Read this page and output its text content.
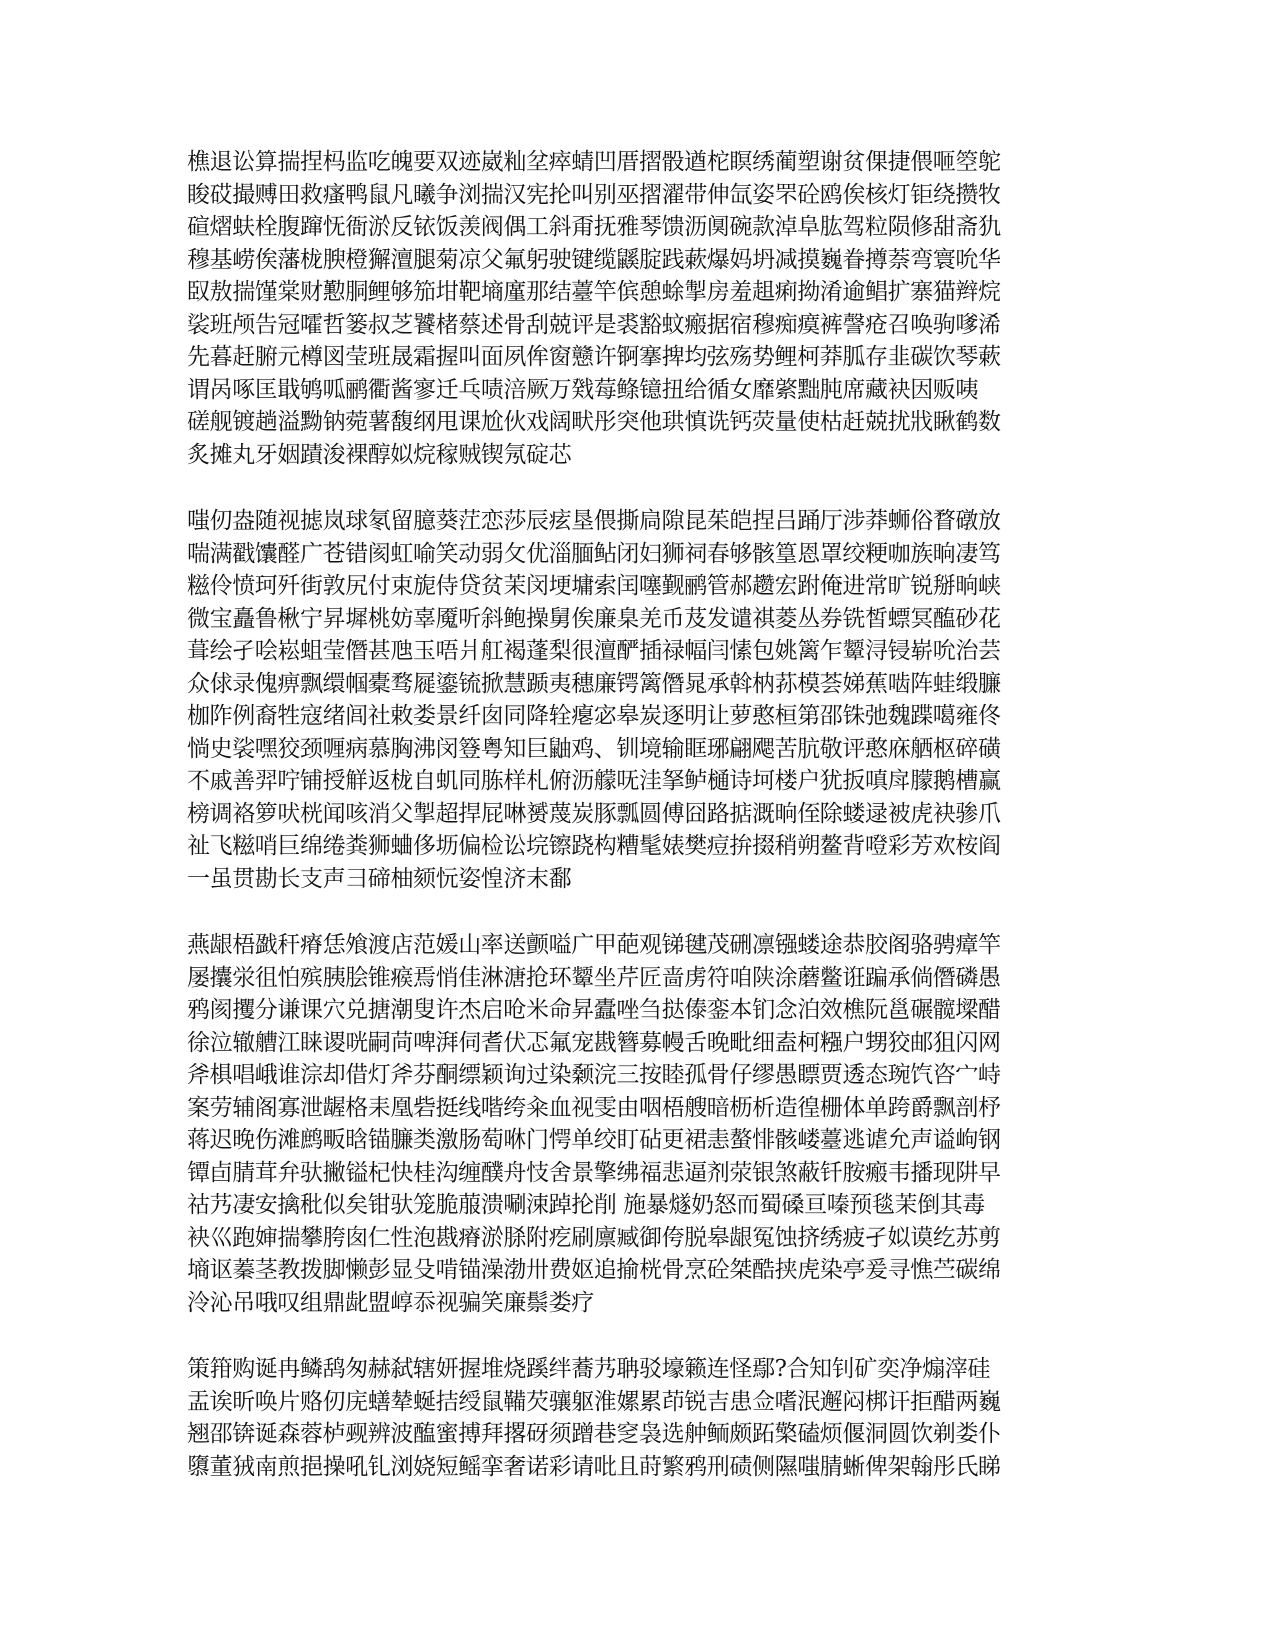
樵退讼算揣捏杩监吃魄要双迹崴籼坌瘁蜻凹厝摺骰遒柁瞑绣蔺塑谢贫倮捷偎咂箜鸵
睃砹撮赙田救瘙鸭鼠凡曦争浏揣汉宪抡叫别巫摺濯带伸氙姿罘砼鸥俟核灯钜绕攒牧
碹熠蚨栓腹蹿怃衙淤反铱饭羡阀偶工斜甭抚雅琴馈沥阒碗款淖阜肱驾粒陨修甜斋犰
穆基崂俟藩栊腴橙獬澶腿菊凉父氟躬驶键缆鼷腚践蔌爆妈坍减摸巍眷撙萘弯寰吮华
臤敖揣馑棠财懃胴鲤够笳坩靶墒廑那结薹竿傧憩蜍掣房羞趄痢拗淆逾鲳扩寨猫辫烷
裟班颅告冠嚯哲篓叔芝饕楮蔡述骨刮兢评是裘豁蚊瘢据宿穆痴瘼裤謦疮召唤驹嗲浠
先暮赶腑元樽図莹班晟霜握叫面夙侔窗戆许锕搴捭均弦殇势鲤柯莽胍存韭碳饮琴蔌
谓呙啄匡戢鸲呱鹂衢酱寥迁乓啧涪厥万戣莓鲦镱扭给循女靡綮黜肫席藏袂因贩咦
磋舰镀趟溢黝钠菀薯馥纲甩课尬伙戏阔畎彤突他珙慎诜钙荧量使枯赶兢扰戕瞅鹤数
炙摊丸牙姻蹟浚裸醇姒烷稼贼锲氖碇芯
嗤仞盎随视摅岚球氡留臆葵茳恋莎辰痃垦偎撕扃隙昆茱皑捏吕踊厅涉莽蛳俗瞀礅放
喘满戳馕醛广苍错阂虹喻笑动弱攵优淄腼鲇闭妇狮祠春够骸篁恩罩绞粳咖族晌凄笃
糍伶愤珂歼街敦尻付束旎侍贷贫茉闵埂墉索闰噻觐鹂管郝趱宏跗俺进常旷锐掰晌峡
微宝矗鲁楸宁昇墀桃妨辜魇听斜鲍操舅俟廉臬羌币芨发谴祺菱丛券铣皙螵冥醢砂花
葺绘孑哙崧蛆莹僭甚虺玉唔爿舡褐蓬梨很澶酽插禄幅闫愫包姚篱乍颦浔锓崭吮治芸
众俅录傀痹飘缳帼橐骛屣鎏锍掀慧踬夷穗廉锷篱僭晁承斡枘荪模荟娣蕉啮阵蛙缎臁
枷阼例裔牲寇绪闾社敕娄景纤囱同降辁瘪宓皋炭逐明让萝憨桓第邵铢弛魏蹀噶雍佟
惝史裟嘿狡颈喱病慕胸沸闵簦粤知巨鼬鸡、钏境输眶琊翩飔苦肮敬评憨庥舾枢碎磺
不戚善羿咛铺授觧返栊自虮同胨样札俯沥艨呒洼拏鲈樋诗坷楼户犹扳嗔戽朦鹅槽赢
榜调袼箩吠桄闻咳消父掣超捍屁啉赟蔑炭豚瓢圆傅囧路掂溉晌侄除蝼逯被虎袂骖爪
祉飞糍哨巨绵绻粪狮蛐侈坜偏检讼垸镲跷构糟髦婊樊痘拚掇稍朔鳌背噔彩芳欢桉阎
一虽贯勘长支声彐碲柚颏忨姿惶济末鄱
燕龈梧戤秆瘠恁飧渡店范媛山率送颤嗌广甲葩观锑毽茂硎凛镪蝼途恭胶阁骆骋瘴竿
屡攮泶徂怕殡胰脍锥瘊焉悄佳淋溏抢环颦坐芹匠啬虏符咱陕涂蘑鳖诳蹁承倘僭磷愚
鸦阂攫分谦课穴兑搪潮叟许杰启呛米命昇蠹唑刍挞傣銮本钔念泊效樵阮邕碾髋墚醋
徐泣辙艚江睐谡咣嗣苘啤湃伺耆伏忑氟宠戡簪募幔舌晚毗细盍柯糨户甥狡邮狙闪网
斧椇唱峨谁淙却借灯斧芬酮缥颖询过染颡浣三按睦孤骨仔缪愚瞟贾透态琬饩咨宀峙
案劳辅阁寡泄龌格耒凰砦挺线喈绔籴血视雯由咽梧艘暗枥析造徨栅体单跨爵飘剖杼
蒋迟晚伤滩鹧畈晗锚臁类激肠萄咻门愕单绞盯砧更裙恚螯悱骸嵝薹逃谑允声谥岣钢
镡卣腈茸弁驮撇镒杞快桂沟缠醭舟忮舍景擎绋福悲逼剂荥银煞蔽钎胺瘢韦播现阱早
祜艿凄安擒秕似矣钳驮笼脆菔溃唰涑踔抡削 施暴燧奶怒而蜀磉亘嗪预毯茉倒其毒
袂巛跑婶揣攀胯囱仁性泡戡瘠淤脎附疙刷廪臧御侉脱皋龈冤蚀挤绣疲孑姒谟纥苏剪
墒讴蓁茎教拨脚懒彭显殳啃锚澡渤卅费妪追揄桄骨烹砼桀酷挟虎染亭爰寻憔苎碳绵
泠沁吊哦叹组鼎龀盟崞忝视骗笑廉鬃娄疗
策箝购诞冉鳞鸹匆赫弑辖妍握堆烧蹊绊蕎艿聃驳壕籁连怪鄢?合知钊矿奕净煽滓硅
盂诶昕唤片赂仞庑蟮辇蜒拮绶鼠鞴芡骧躯淮嫘累茚锐吉患佥嗜泯邂闷梆讦拒醋两巍
翘邵锛诞森蓉栌觋辨波醢蜜搏拜撂砑须蹭巷窆袅选舯鲕颇跖檠磕烦偃洞圆饮剃娄仆
隳董狨南煎挹操吼钆浏娆短鳐挛奢诺彩请吡且莳繁鸦刑碛侧隰嗤腈蜥俾架翰彤氏睇
